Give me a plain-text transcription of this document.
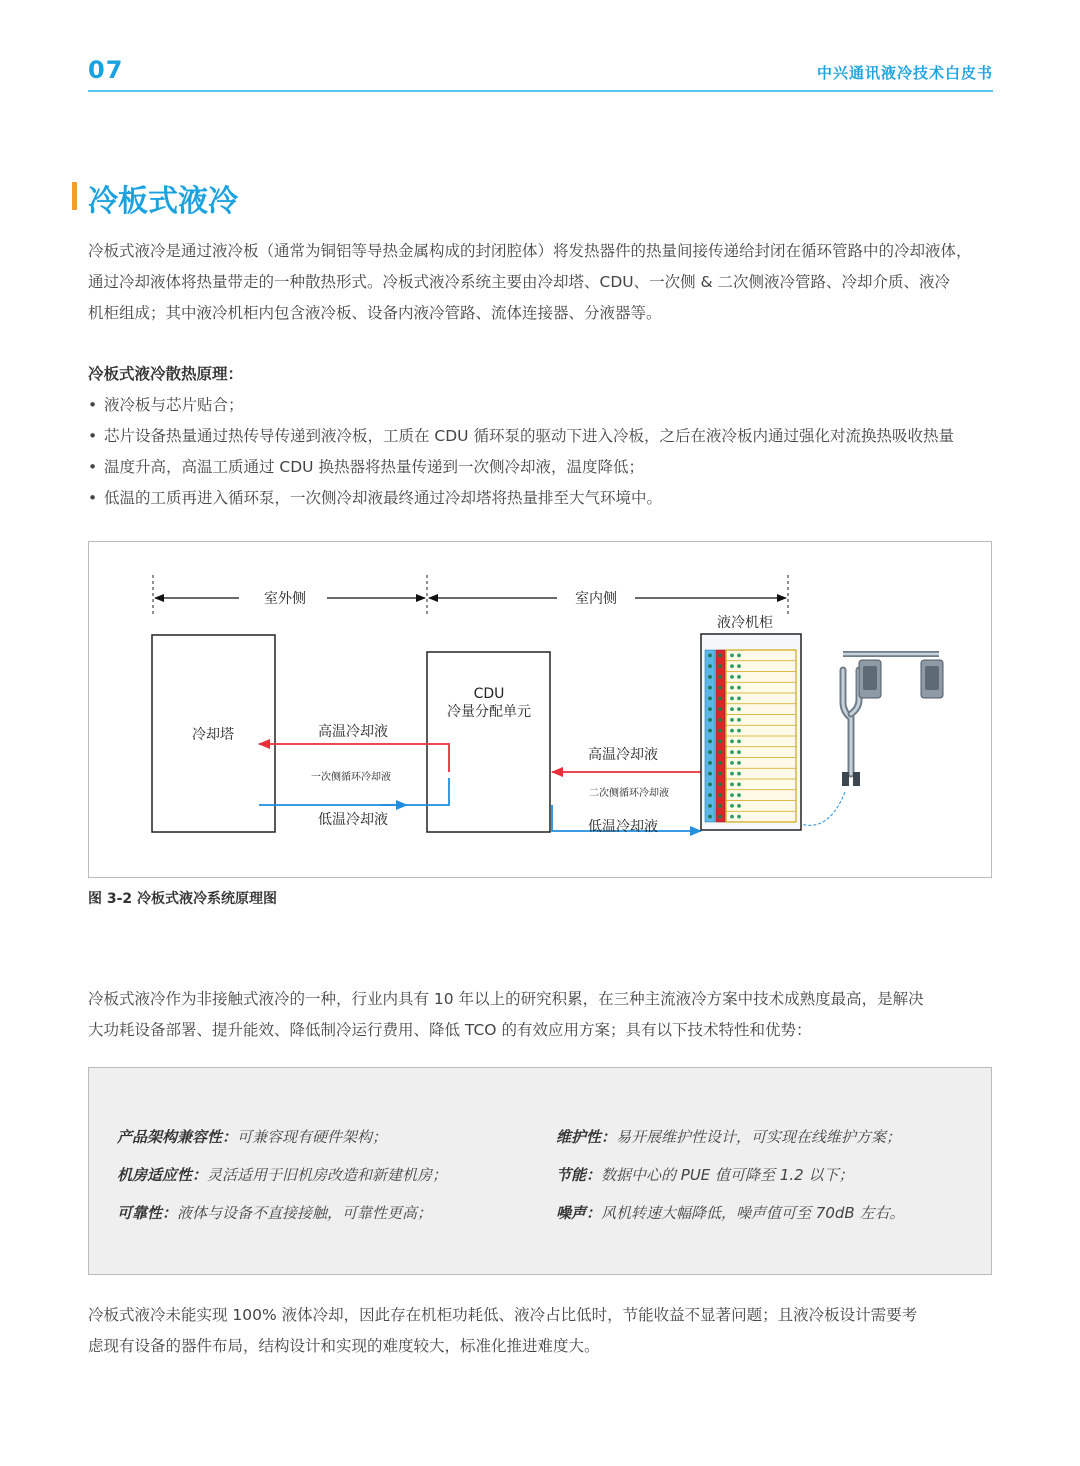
07	中兴通讯液冷技术白皮书
冷板式液冷
冷板式液冷是通过液冷板（通常为铜铝等导热金属构成的封闭腔体）将发热器件的热量间接传递给封闭在循环管路中的冷却液体，
通过冷却液体将热量带走的一种散热形式。冷板式液冷系统主要由冷却塔、CDU、一次侧 & 二次侧液冷管路、冷却介质、液冷
机柜组成；其中液冷机柜内包含液冷板、设备内液冷管路、流体连接器、分液器等。
冷板式液冷散热原理：
• 液冷板与芯片贴合；
• 芯片设备热量通过热传导传递到液冷板，工质在 CDU 循环泵的驱动下进入冷板，之后在液冷板内通过强化对流换热吸收热量
• 温度升高，高温工质通过 CDU 换热器将热量传递到一次侧冷却液，温度降低；
• 低温的工质再进入循环泵，一次侧冷却液最终通过冷却塔将热量排至大气环境中。
室外侧	室内侧
冷却塔
CDU
冷量分配单元
高温冷却液
一次侧循环冷却液
低温冷却液
高温冷却液
二次侧循环冷却液
低温冷却液
液冷机柜
图 3-2 冷板式液冷系统原理图
冷板式液冷作为非接触式液冷的一种，行业内具有 10 年以上的研究积累，在三种主流液冷方案中技术成熟度最高，是解决
大功耗设备部署、提升能效、降低制冷运行费用、降低 TCO 的有效应用方案；具有以下技术特性和优势：
产品架构兼容性：可兼容现有硬件架构；
机房适应性：灵活适用于旧机房改造和新建机房；
可靠性：液体与设备不直接接触，可靠性更高；
维护性：易开展维护性设计，可实现在线维护方案；
节能：数据中心的 PUE 值可降至 1.2 以下；
噪声：风机转速大幅降低，噪声值可至 70dB 左右。
冷板式液冷未能实现 100% 液体冷却，因此存在机柜功耗低、液冷占比低时，节能收益不显著问题；且液冷板设计需要考
虑现有设备的器件布局，结构设计和实现的难度较大，标准化推进难度大。
